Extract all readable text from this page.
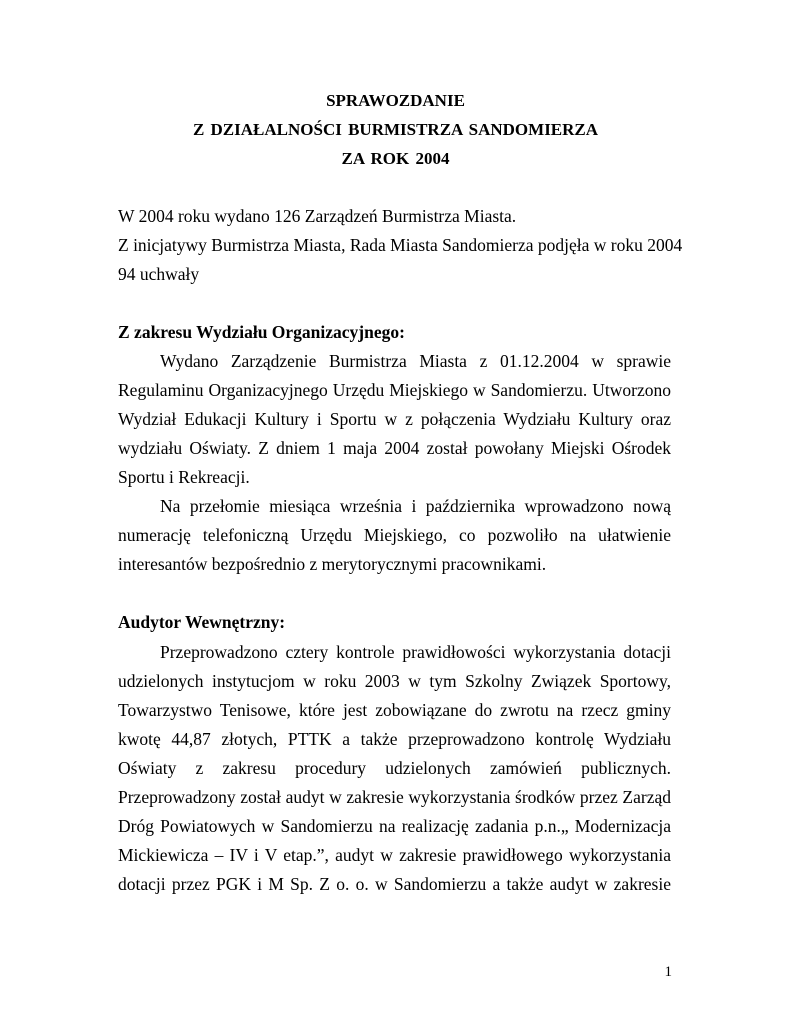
SPRAWOZDANIE
Z DZIAŁALNOŚCI BURMISTRZA SANDOMIERZA
ZA ROK 2004
W 2004 roku wydano 126 Zarządzeń Burmistrza Miasta.
Z inicjatywy Burmistrza Miasta, Rada Miasta Sandomierza podjęła w roku 2004
94 uchwały
Z zakresu Wydziału Organizacyjnego:
Wydano Zarządzenie Burmistrza Miasta z 01.12.2004 w sprawie
Regulaminu Organizacyjnego Urzędu Miejskiego w Sandomierzu. Utworzono
Wydział Edukacji Kultury i Sportu w z połączenia Wydziału Kultury oraz
wydziału Oświaty. Z dniem 1 maja 2004 został powołany Miejski Ośrodek
Sportu i Rekreacji.
Na przełomie miesiąca września i października wprowadzono nową
numerację telefoniczną Urzędu Miejskiego, co pozwoliło na ułatwienie
interesantów bezpośrednio z merytorycznymi pracownikami.
Audytor Wewnętrzny:
Przeprowadzono cztery kontrole prawidłowości wykorzystania dotacji
udzielonych instytucjom w roku 2003 w tym Szkolny Związek Sportowy,
Towarzystwo Tenisowe, które jest zobowiązane do zwrotu na rzecz gminy
kwotę 44,87 złotych, PTTK a także przeprowadzono kontrolę Wydziału
Oświaty z zakresu procedury udzielonych zamówień publicznych.
Przeprowadzony został audyt w zakresie wykorzystania środków przez Zarząd
Dróg Powiatowych w Sandomierzu na realizację zadania p.n.„ Modernizacja
Mickiewicza – IV i V etap.”, audyt w zakresie prawidłowego wykorzystania
dotacji przez PGK i M Sp. Z o. o. w Sandomierzu a także audyt w zakresie
1
